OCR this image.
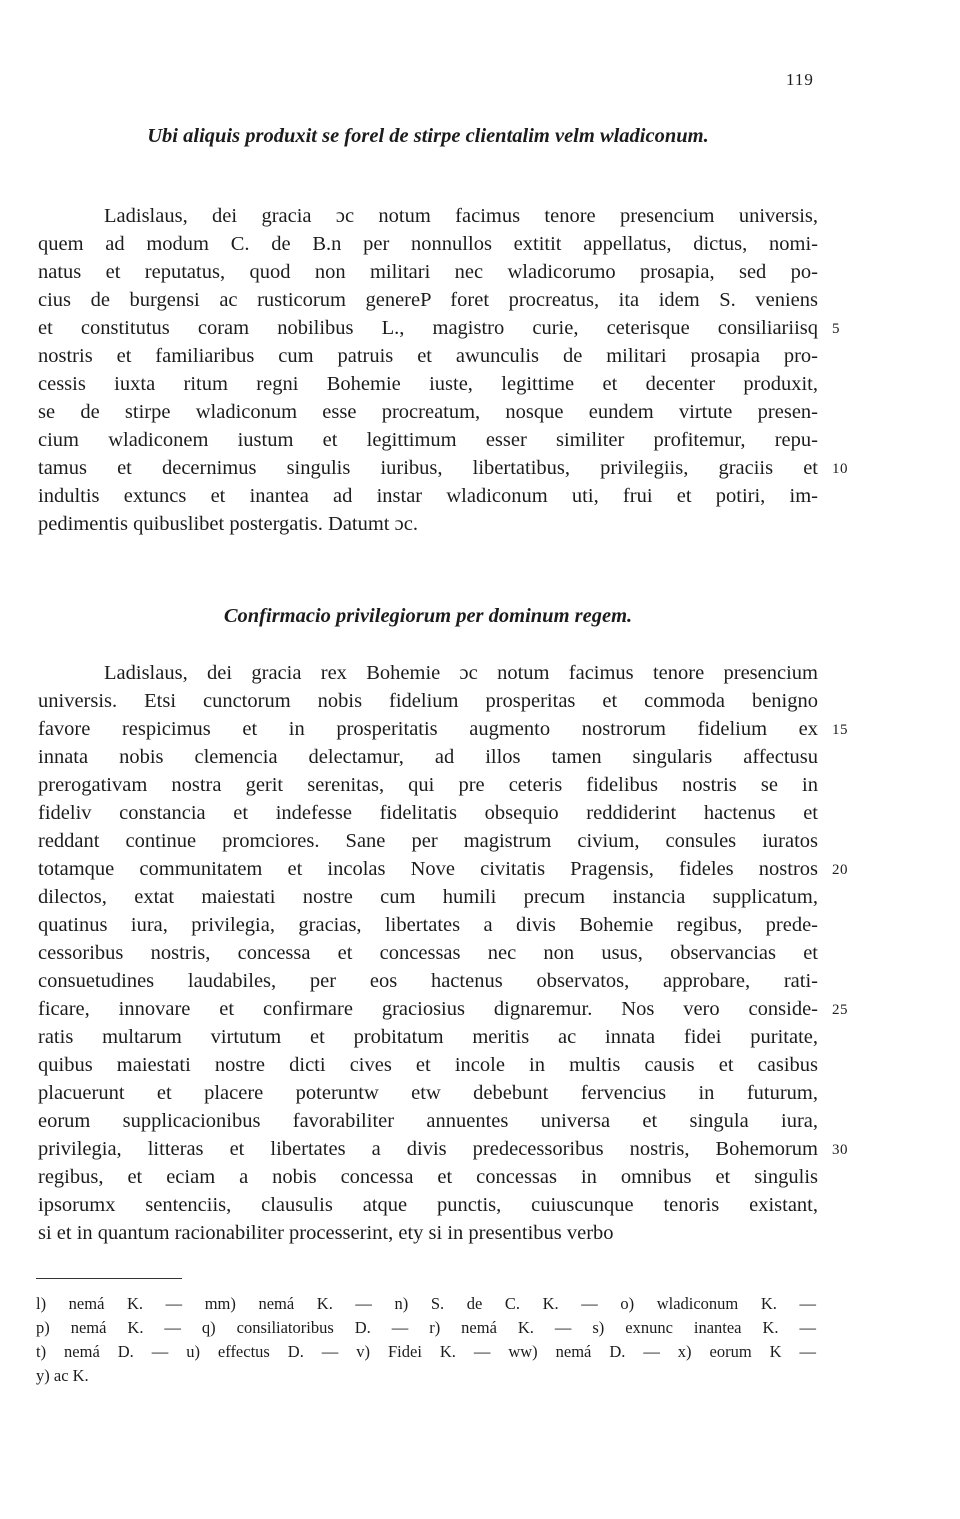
119
Ubi aliquis produxit se forel de stirpe clientalim velm wladiconum.
Ladislaus, dei gracia ɔc notum facimus tenore presencium universis,
quem ad modum C. de B.n per nonnullos extitit appellatus, dictus, nomi-
natus et reputatus, quod non militari nec wladicorumo prosapia, sed po-
cius de burgensi ac rusticorum genereP foret procreatus, ita idem S. veniens
et constitutus coram nobilibus L., magistro curie, ceterisque consiliariisq 5
nostris et familiaribus cum patruis et awunculis de militari prosapia pro-
cessis iuxta ritum regni Bohemie iuste, legittime et decenter produxit,
se de stirpe wladiconum esse procreatum, nosque eundem virtute presen-
cium wladiconem iustum et legittimum esser similiter profitemur, repu-
tamus et decernimus singulis iuribus, libertatibus, privilegiis, graciis et 10
indultis extuncs et inantea ad instar wladiconum uti, frui et potiri, im-
pedimentis quibuslibet postergatis. Datumt ɔc.
Confirmacio privilegiorum per dominum regem.
Ladislaus, dei gracia rex Bohemie ɔc notum facimus tenore presencium
universis. Etsi cunctorum nobis fidelium prosperitas et commoda benigno
favore respicimus et in prosperitatis augmento nostrorum fidelium ex 15
innata nobis clemencia delectamur, ad illos tamen singularis affectusu
prerogativam nostra gerit serenitas, qui pre ceteris fidelibus nostris se in
fideliv constancia et indefesse fidelitatis obsequio reddiderint hactenus et
reddant continue promciores. Sane per magistrum civium, consules iuratos
totamque communitatem et incolas Nove civitatis Pragensis, fideles nostros 20
dilectos, extat maiestati nostre cum humili precum instancia supplicatum,
quatinus iura, privilegia, gracias, libertates a divis Bohemie regibus, prede-
cessoribus nostris, concessa et concessas nec non usus, observancias et
consuetudines laudabiles, per eos hactenus observatos, approbare, rati-
ficare, innovare et confirmare graciosius dignaremur. Nos vero conside- 25
ratis multarum virtutum et probitatum meritis ac innata fidei puritate,
quibus maiestati nostre dicti cives et incole in multis causis et casibus
placuerunt et placere poteruntw etw debebunt fervencius in futurum,
eorum supplicacionibus favorabiliter annuentes universa et singula iura,
privilegia, litteras et libertates a divis predecessoribus nostris, Bohemorum 30
regibus, et eciam a nobis concessa et concessas in omnibus et singulis
ipsorumx sentenciis, clausulis atque punctis, cuiuscunque tenoris existant,
si et in quantum racionabiliter processerint, ety si in presentibus verbo
l) nemá K. — mm) nemá K. — n) S. de C. K. — o) wladiconum K. —
p) nemá K. — q) consiliatoribus D. — r) nemá K. — s) exnunc inantea K. —
t) nemá D. — u) effectus D. — v) Fidei K. — ww) nemá D. — x) eorum K —
y) ac K.
